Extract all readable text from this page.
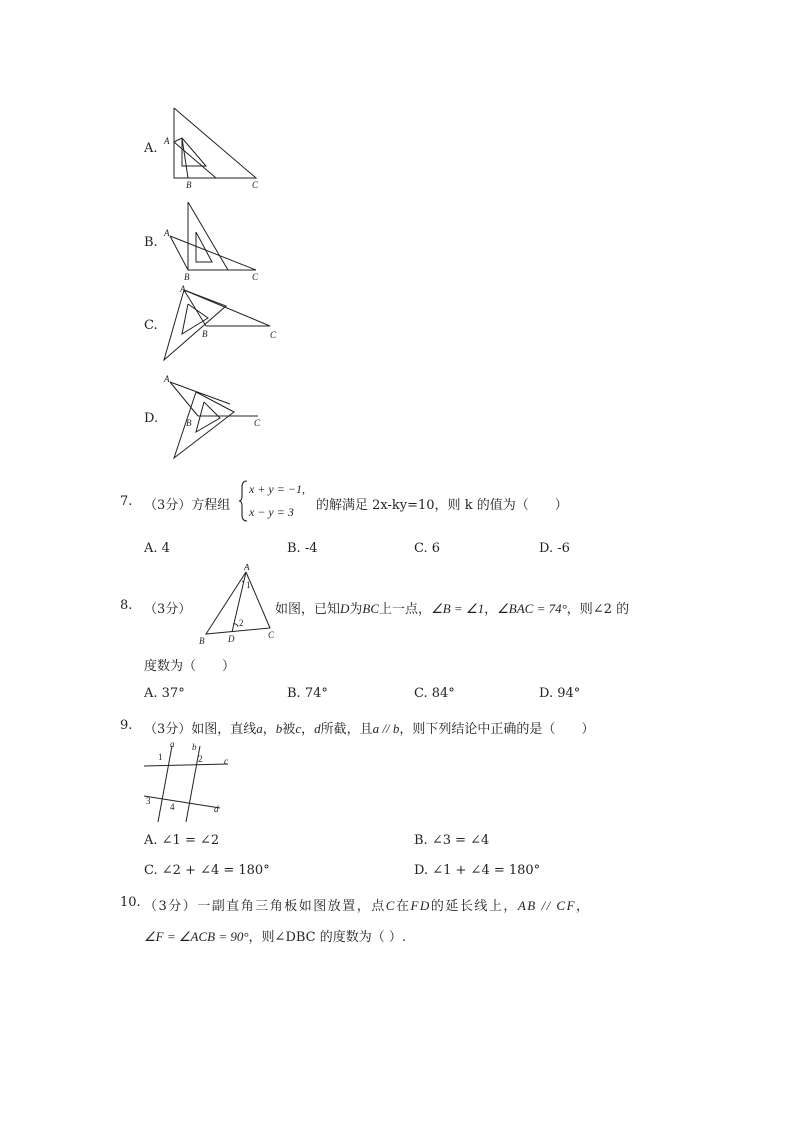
A. A
B	C
B.
A
B	C
C.
A
B	C
D.
A
B	C
7. （3分）方程组
x + y = −1,
x − y = 3 的解满足 2x-ky=10，则 k 的值为（　　）
A. 4	B. -4	C. 6	D. -6
8. （3分）
A
B
C
D
1
2
如图，已知D为BC上一点，∠B = ∠1，∠BAC = 74°，则∠2 的
度数为（　　）
A. 37°	B. 74°	C. 84°	D. 94°
9. （3分）如图，直线a，b被c，d所截，且a // b，则下列结论中正确的是（　　）
a b
c
d
1	2
3
4
A. ∠1 = ∠2	B. ∠3 = ∠4
C. ∠2 + ∠4 = 180°	D. ∠1 + ∠4 = 180°
10. （3分）一副直角三角板如图放置，点C在FD的延长线上，AB // CF，
∠F = ∠ACB = 90°，则∠DBC 的度数为（ ）.
